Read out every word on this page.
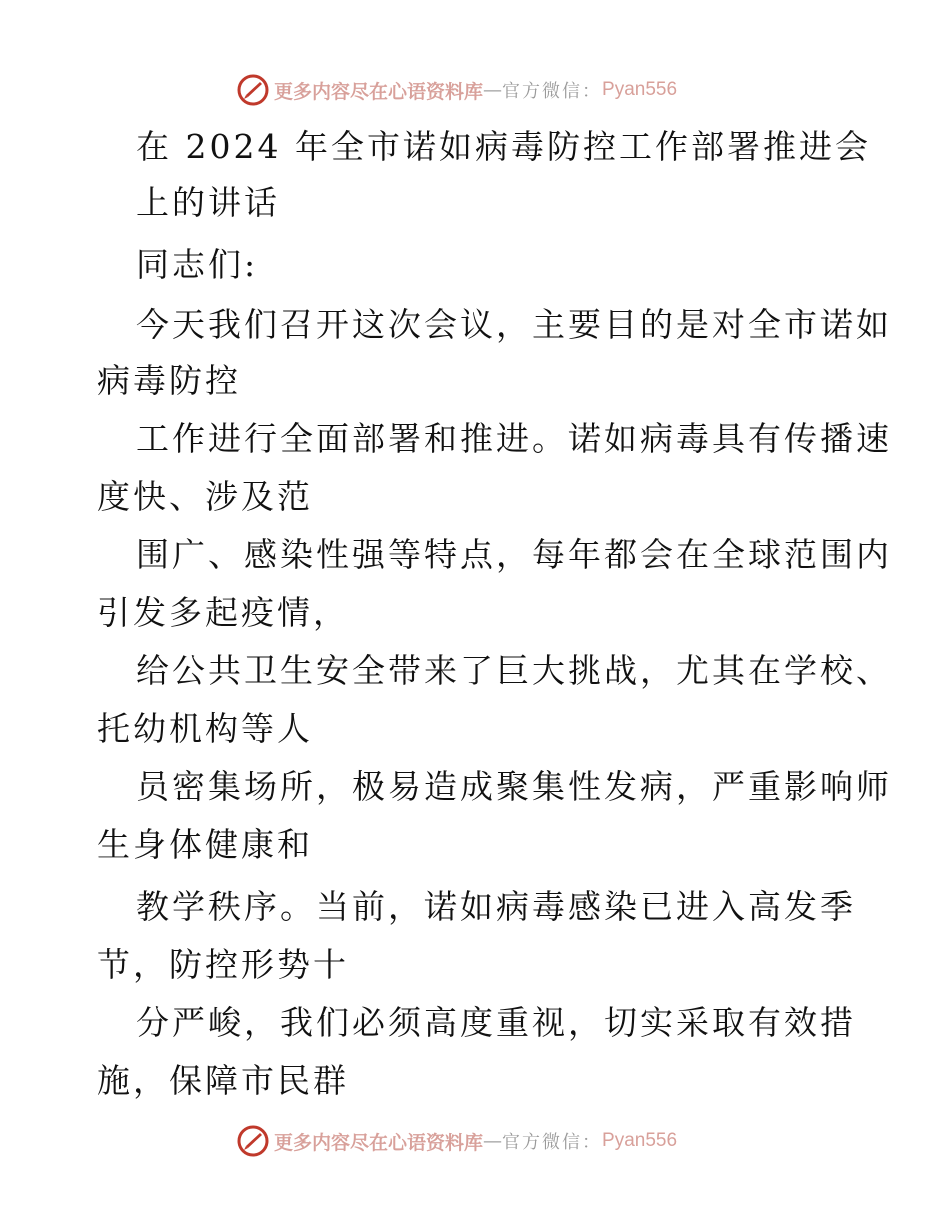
更多内容尽在心语资料库 — 官方微信： Pyan556
在 2024 年全市诺如病毒防控工作部署推进会
上的讲话
同志们:
今天我们召开这次会议，主要目的是对全市诺如
病毒防控
工作进行全面部署和推进。诺如病毒具有传播速
度快、涉及范
围广、感染性强等特点，每年都会在全球范围内
引发多起疫情，
给公共卫生安全带来了巨大挑战，尤其在学校、
托幼机构等人
员密集场所，极易造成聚集性发病，严重影响师
生身体健康和
教学秩序。当前，诺如病毒感染已进入高发季
节，防控形势十
分严峻，我们必须高度重视，切实采取有效措
施，保障市民群
更多内容尽在心语资料库 — 官方微信： Pyan556
